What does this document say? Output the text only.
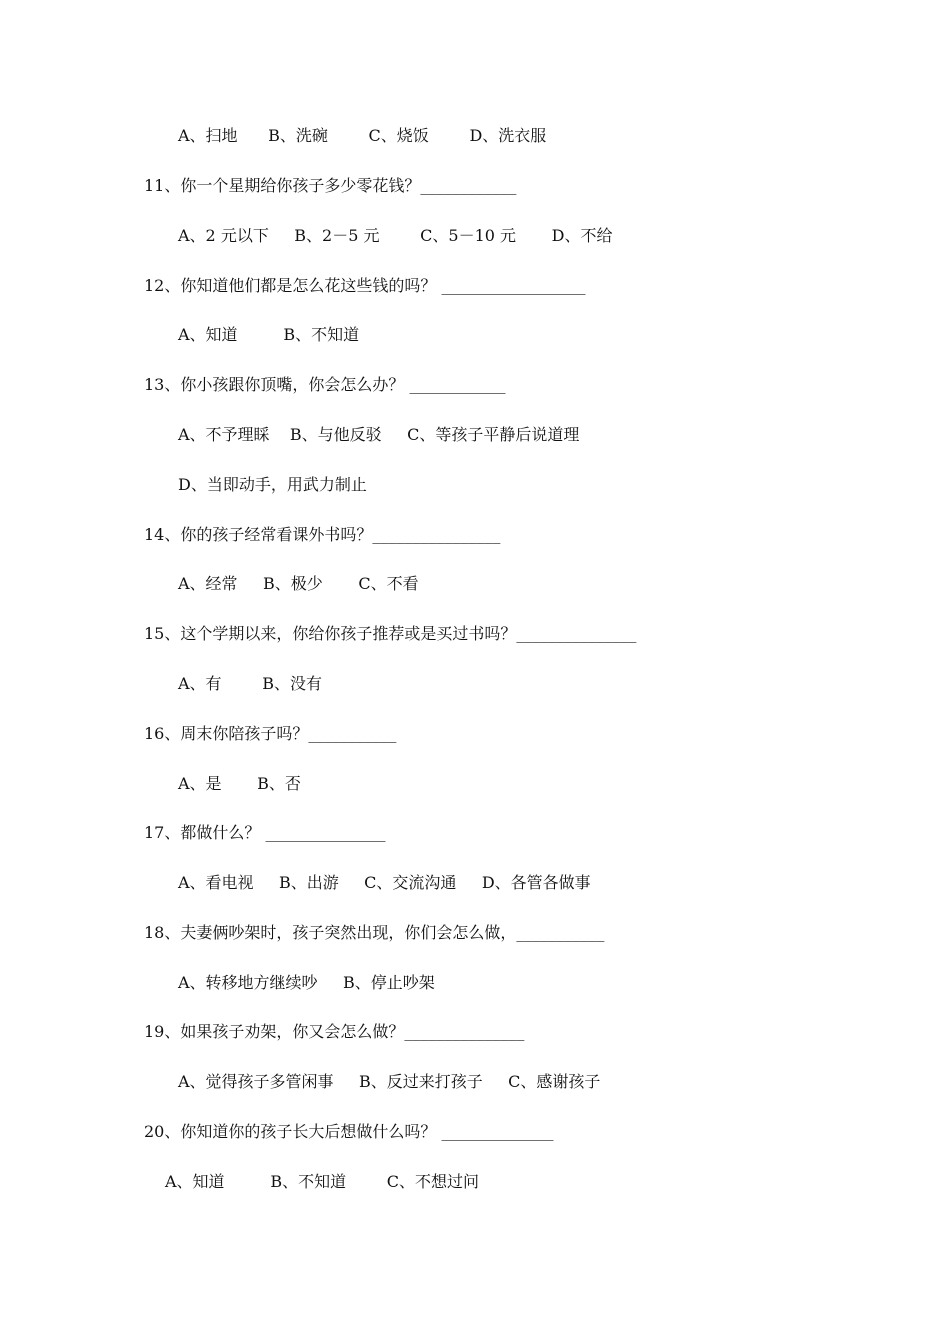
A、扫地      B、洗碗        C、烧饭        D、洗衣服
11、你一个星期给你孩子多少零花钱？____________
A、2 元以下     B、2－5 元        C、5－10 元       D、不给
12、你知道他们都是怎么花这些钱的吗？ __________________
A、知道         B、不知道
13、你小孩跟你顶嘴，你会怎么办？ ____________
A、不予理睬    B、与他反驳     C、等孩子平静后说道理
D、当即动手，用武力制止
14、你的孩子经常看课外书吗？________________
A、经常     B、极少       C、不看
15、这个学期以来，你给你孩子推荐或是买过书吗？_______________
A、有        B、没有
16、周末你陪孩子吗？___________
A、是       B、否
17、都做什么？ _______________
A、看电视     B、出游     C、交流沟通     D、各管各做事
18、夫妻俩吵架时，孩子突然出现，你们会怎么做，___________
A、转移地方继续吵     B、停止吵架
19、如果孩子劝架，你又会怎么做？_______________
A、觉得孩子多管闲事     B、反过来打孩子     C、感谢孩子
20、你知道你的孩子长大后想做什么吗？ ______________
A、知道         B、不知道        C、不想过问
